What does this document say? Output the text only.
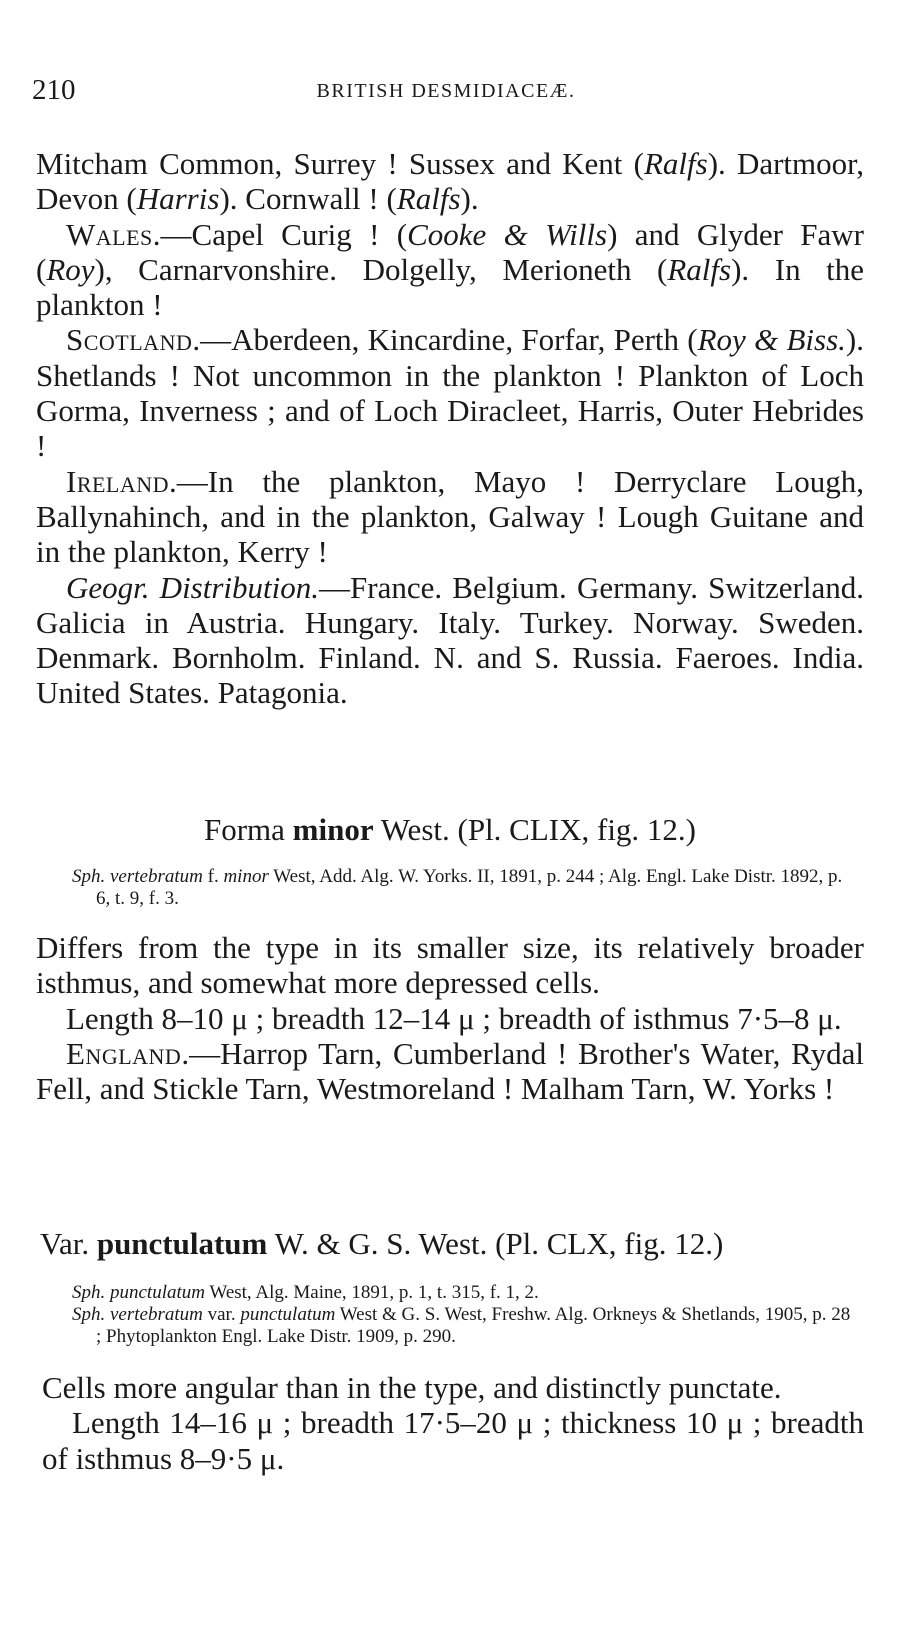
210	BRITISH DESMIDIACEÆ.

Mitcham Common, Surrey ! Sussex and Kent (Ralfs). Dartmoor, Devon (Harris). Cornwall ! (Ralfs).

Wales.—Capel Curig ! (Cooke & Wills) and Glyder Fawr (Roy), Carnarvonshire. Dolgelly, Merioneth (Ralfs). In the plankton !

Scotland.—Aberdeen, Kincardine, Forfar, Perth (Roy & Biss.). Shetlands ! Not uncommon in the plankton ! Plankton of Loch Gorma, Inverness ; and of Loch Diracleet, Harris, Outer Hebrides !

Ireland.—In the plankton, Mayo ! Derryclare Lough, Ballynahinch, and in the plankton, Galway ! Lough Guitane and in the plankton, Kerry !

Geogr. Distribution.—France. Belgium. Germany. Switzerland. Galicia in Austria. Hungary. Italy. Turkey. Norway. Sweden. Denmark. Bornholm. Finland. N. and S. Russia. Faeroes. India. United States. Patagonia.

Forma minor West. (Pl. CLIX, fig. 12.)

Sph. vertebratum f. minor West, Add. Alg. W. Yorks. II, 1891, p. 244 ; Alg. Engl. Lake Distr. 1892, p. 6, t. 9, f. 3.

Differs from the type in its smaller size, its relatively broader isthmus, and somewhat more depressed cells.

Length 8–10 μ ; breadth 12–14 μ ; breadth of isthmus 7·5–8 μ.

England.—Harrop Tarn, Cumberland ! Brother's Water, Rydal Fell, and Stickle Tarn, Westmoreland ! Malham Tarn, W. Yorks !

Var. punctulatum W. & G. S. West. (Pl. CLX, fig. 12.)

Sph. punctulatum West, Alg. Maine, 1891, p. 1, t. 315, f. 1, 2.

Sph. vertebratum var. punctulatum West & G. S. West, Freshw. Alg. Orkneys & Shetlands, 1905, p. 28 ; Phytoplankton Engl. Lake Distr. 1909, p. 290.

Cells more angular than in the type, and distinctly punctate.

Length 14–16 μ ; breadth 17·5–20 μ ; thickness 10 μ ; breadth of isthmus 8–9·5 μ.
